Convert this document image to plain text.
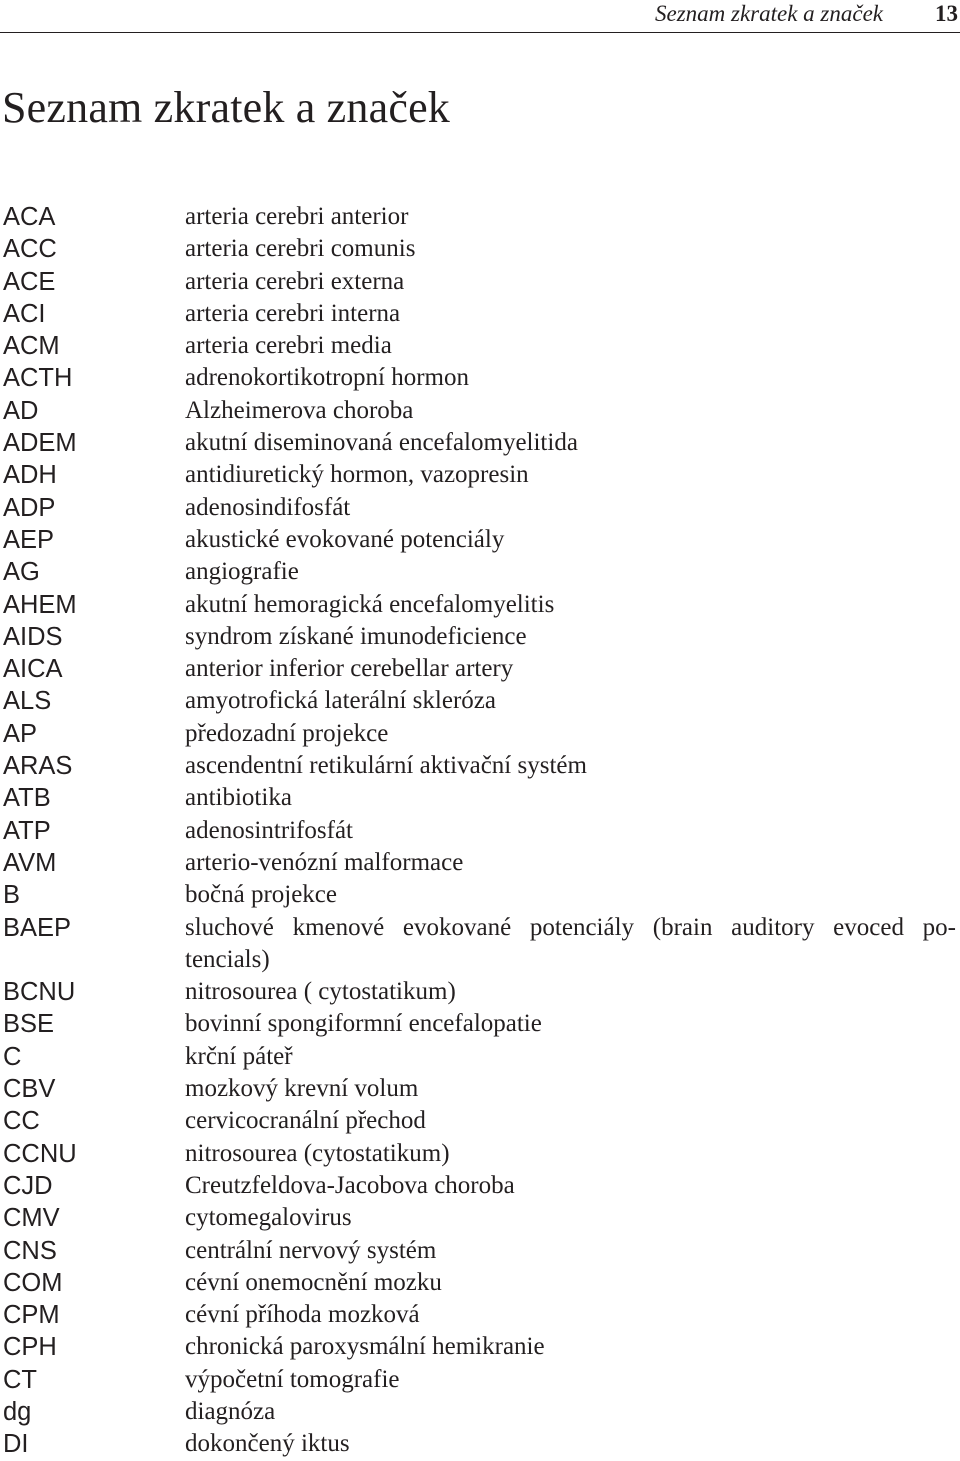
Seznam zkratek a značek 13
Seznam zkratek a značek
ACA	arteria cerebri anterior
ACC	arteria cerebri comunis
ACE	arteria cerebri externa
ACI	arteria cerebri interna
ACM	arteria cerebri media
ACTH	adrenokortikotropní hormon
AD	Alzheimerova choroba
ADEM	akutní diseminovaná encefalomyelitida
ADH	antidiuretický hormon, vazopresin
ADP	adenosindifosfát
AEP	akustické evokované potenciály
AG	angiografie
AHEM	akutní hemoragická encefalomyelitis
AIDS	syndrom získané imunodeficience
AICA	anterior inferior cerebellar artery
ALS	amyotrofická laterální skleróza
AP	předozadní projekce
ARAS	ascendentní retikulární aktivační systém
ATB	antibiotika
ATP	adenosintrifosfát
AVM	arterio-venózní malformace
B	bočná projekce
BAEP	sluchové kmenové evokované potenciály (brain auditory evoced po-
tencials)
BCNU	nitrosourea ( cytostatikum)
BSE	bovinní spongiformní encefalopatie
C	krční páteř
CBV	mozkový krevní volum
CC	cervicocranální přechod
CCNU	nitrosourea (cytostatikum)
CJD	Creutzfeldova-Jacobova choroba
CMV	cytomegalovirus
CNS	centrální nervový systém
COM	cévní onemocnění mozku
CPM	cévní příhoda mozková
CPH	chronická paroxysmální hemikranie
CT	výpočetní tomografie
dg	diagnóza
DI	dokončený iktus
